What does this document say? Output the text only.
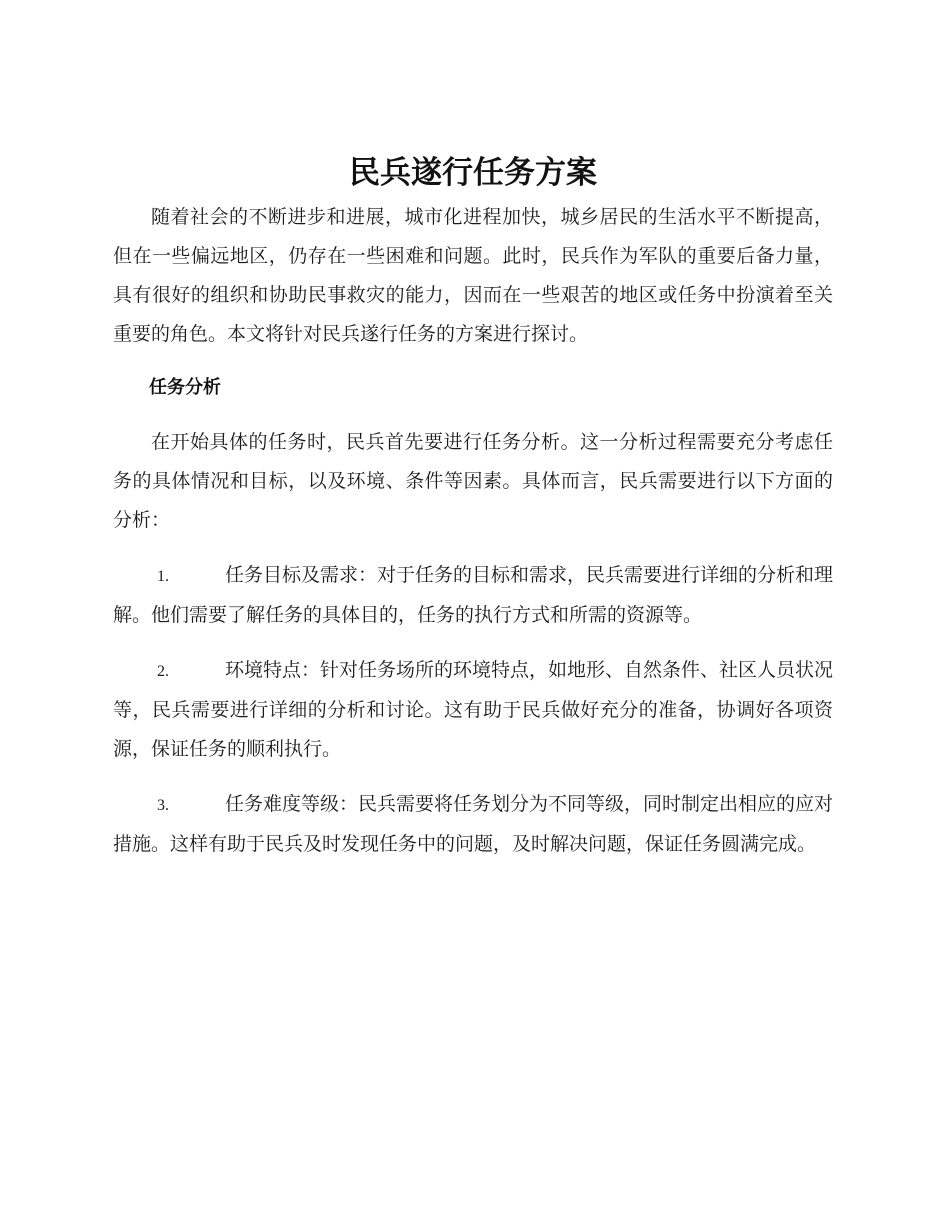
民兵遂行任务方案

随着社会的不断进步和进展，城市化进程加快，城乡居民的生活水平不断提高，但在一些偏远地区，仍存在一些困难和问题。此时，民兵作为军队的重要后备力量，具有很好的组织和协助民事救灾的能力，因而在一些艰苦的地区或任务中扮演着至关重要的角色。本文将针对民兵遂行任务的方案进行探讨。

任务分析

在开始具体的任务时，民兵首先要进行任务分析。这一分析过程需要充分考虑任务的具体情况和目标，以及环境、条件等因素。具体而言，民兵需要进行以下方面的分析：

1.	任务目标及需求：对于任务的目标和需求，民兵需要进行详细的分析和理解。他们需要了解任务的具体目的，任务的执行方式和所需的资源等。

2.	环境特点：针对任务场所的环境特点，如地形、自然条件、社区人员状况等，民兵需要进行详细的分析和讨论。这有助于民兵做好充分的准备，协调好各项资源，保证任务的顺利执行。

3.	任务难度等级：民兵需要将任务划分为不同等级，同时制定出相应的应对措施。这样有助于民兵及时发现任务中的问题，及时解决问题，保证任务圆满完成。
